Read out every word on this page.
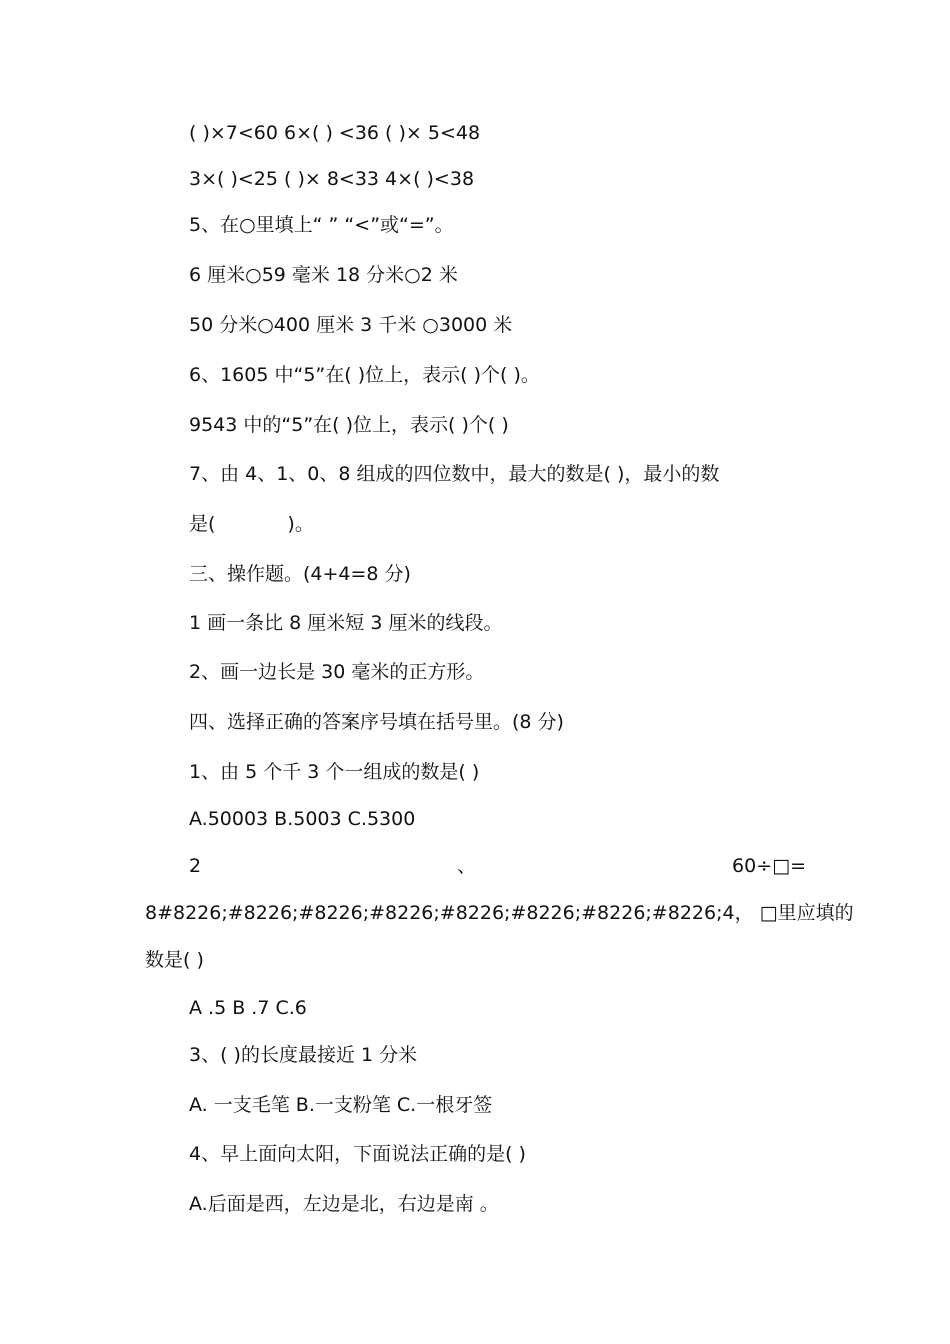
( )×7<60 6×( ) <36 ( )× 5<48
3×( )<25 ( )× 8<33 4×( )<38
5、在○里填上“ ” “<”或“=”。
6 厘米○59 毫米 18 分米○2 米
50 分米○400 厘米 3 千米 ○3000 米
6、1605 中“5”在( )位上，表示( )个( )。
9543 中的“5”在( )位上，表示( )个( )
7、由 4、1、0、8 组成的四位数中，最大的数是( )，最小的数
是(	)。
三、操作题。(4+4=8 分)
1 画一条比 8 厘米短 3 厘米的线段。
2、画一边长是 30 毫米的正方形。
四、选择正确的答案序号填在括号里。(8 分)
1、由 5 个千 3 个一组成的数是( )
A.50003 B.5003 C.5300
2	、	60÷□=
8#8226;#8226;#8226;#8226;#8226;#8226;#8226;#8226;4， □里应填的
数是( )
A .5 B .7 C.6
3、( )的长度最接近 1 分米
A. 一支毛笔 B.一支粉笔 C.一根牙签
4、早上面向太阳，下面说法正确的是( )
A.后面是西，左边是北，右边是南 。
